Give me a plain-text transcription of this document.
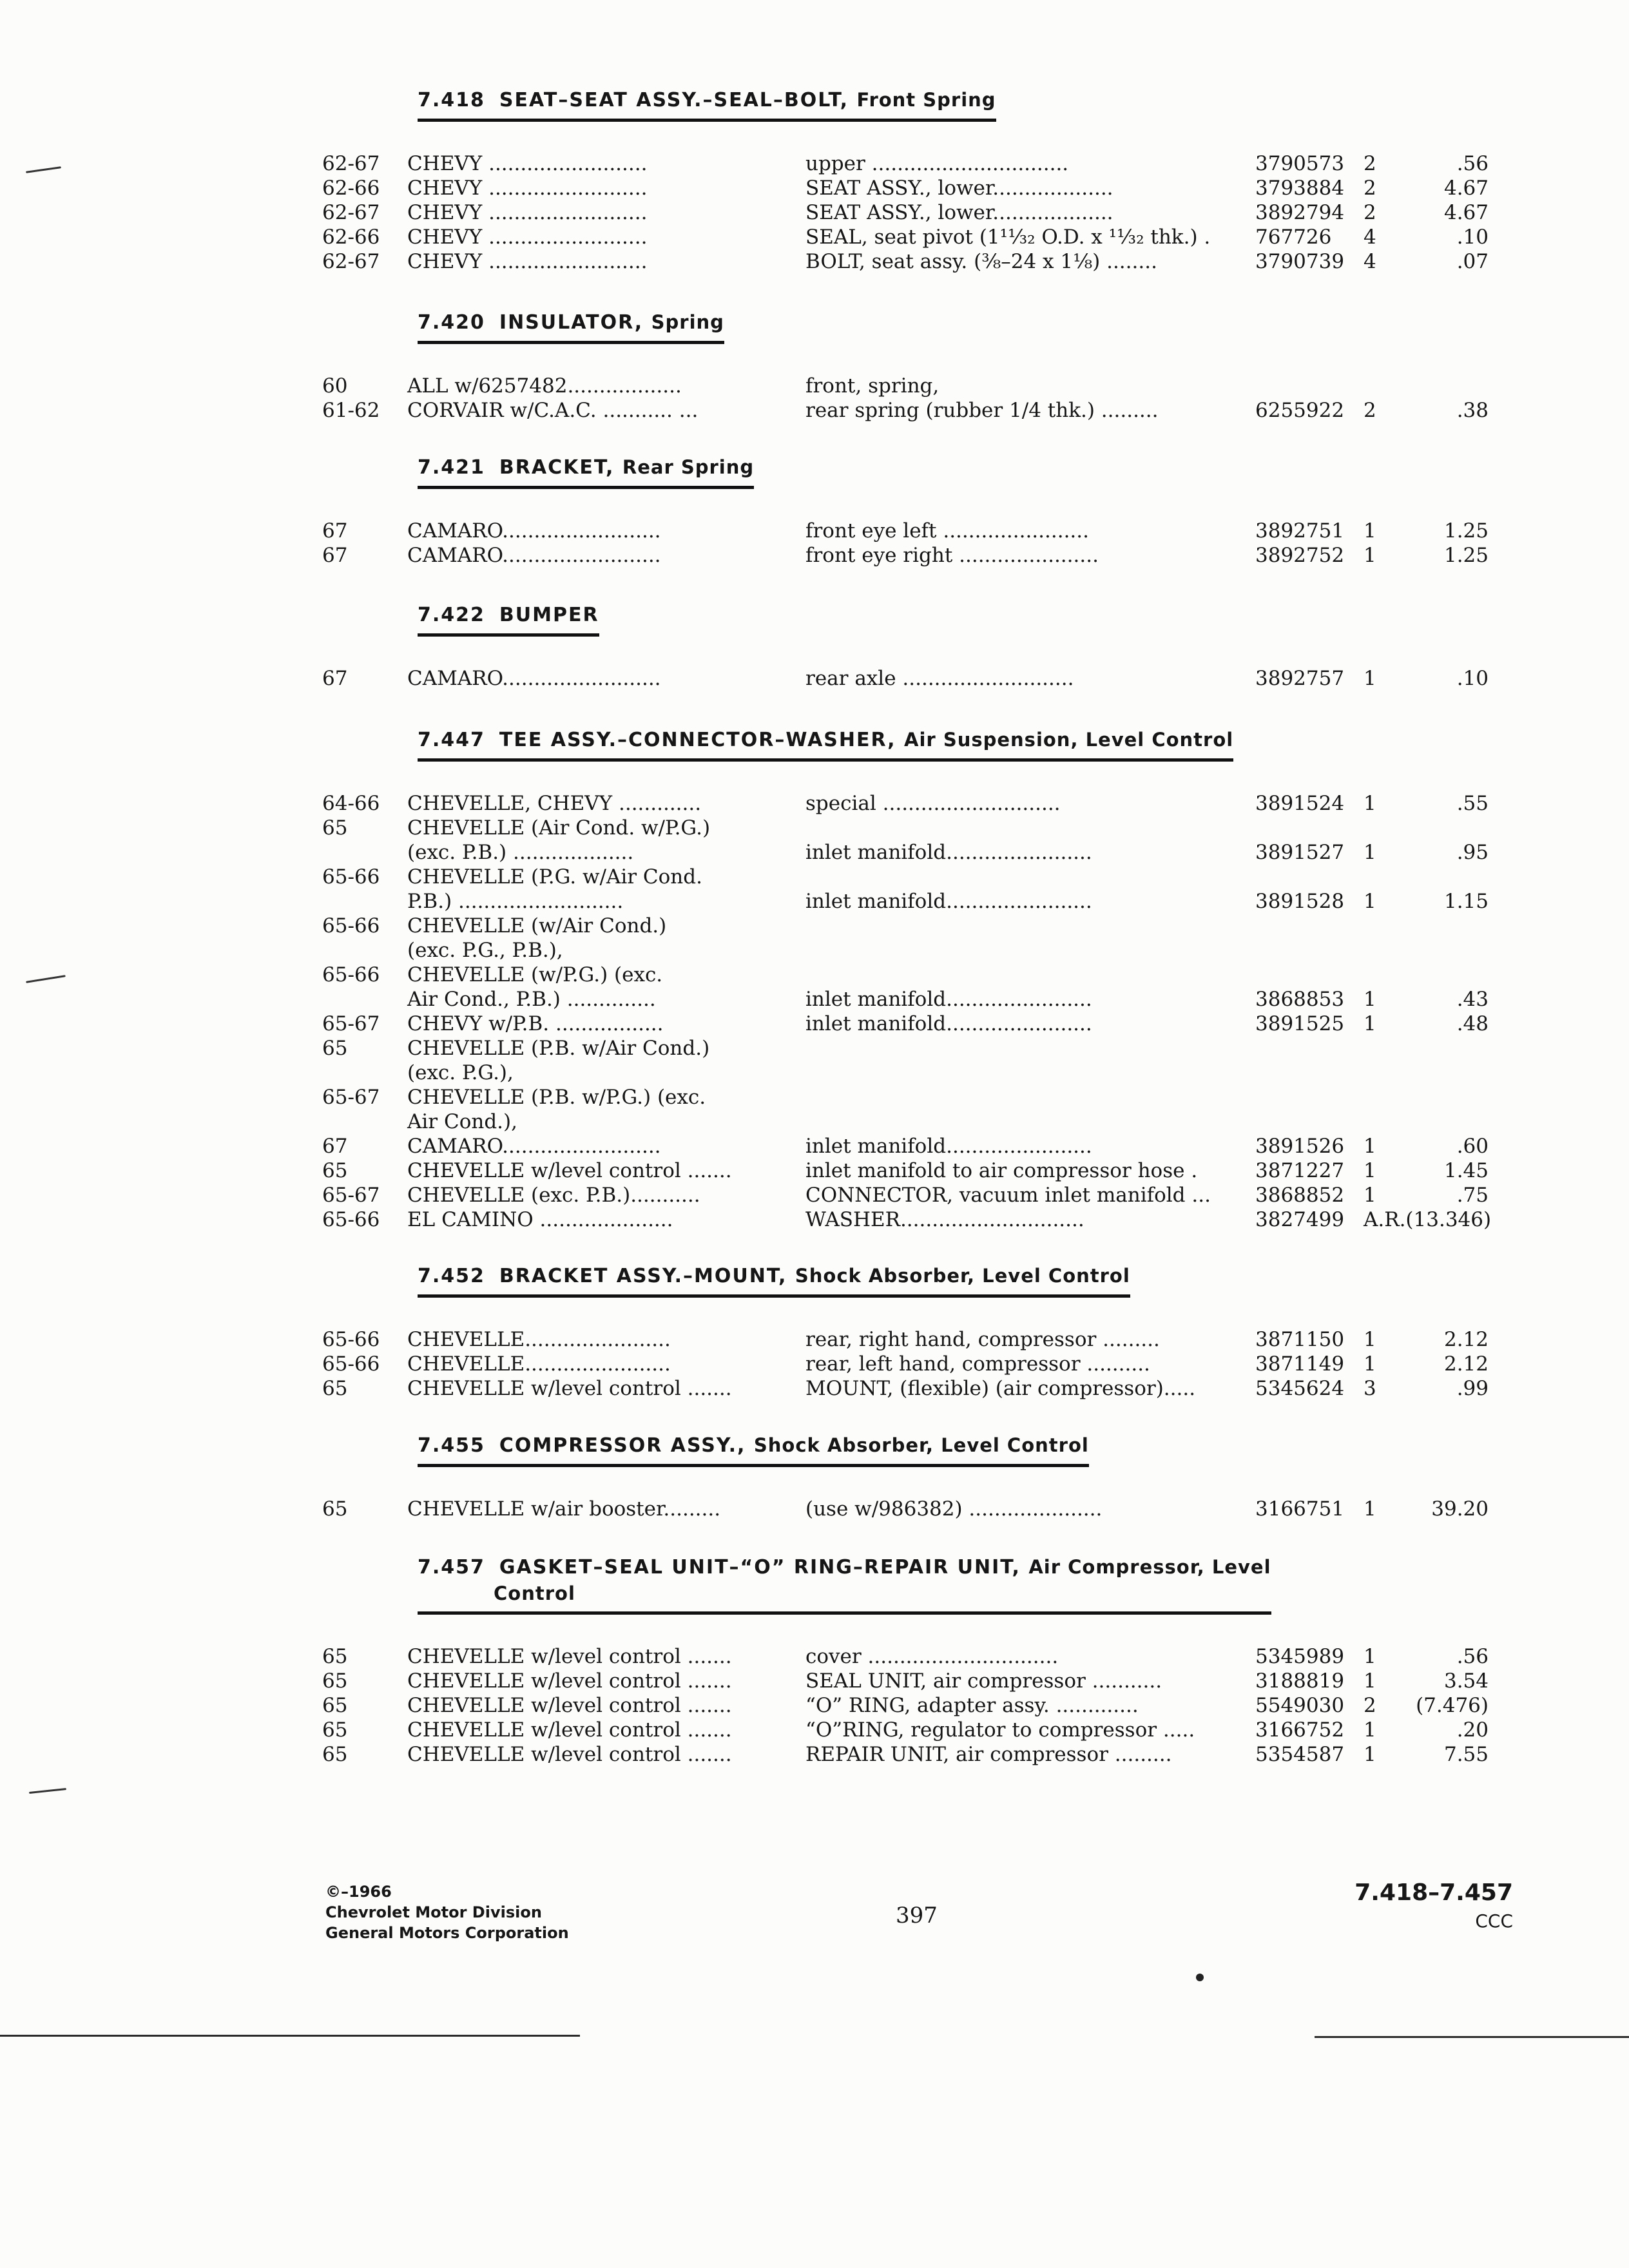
7.418 SEAT–SEAT ASSY.–SEAL–BOLT, Front Spring
62-67 CHEVY .........................	upper ...............................	3790573 2	.56
62-66 CHEVY .........................	SEAT ASSY., lower...................	3793884 2	4.67
62-67 CHEVY .........................	SEAT ASSY., lower...................	3892794 2	4.67
62-66 CHEVY .........................	SEAL, seat pivot (1¹¹⁄₃₂ O.D. x ¹¹⁄₃₂ thk.) . 767726 4	.10
62-67 CHEVY .........................	BOLT, seat assy. (⅜–24 x 1⅛) ........	3790739 4	.07
7.420 INSULATOR, Spring
60	ALL w/6257482..................	front, spring,
61-62 CORVAIR w/C.A.C. ........... ...	rear spring (rubber 1/4 thk.) .........	6255922 2	.38
7.421 BRACKET, Rear Spring
67	CAMARO.........................	front eye left .......................	3892751 1	1.25
67	CAMARO.........................	front eye right ......................	3892752 1	1.25
7.422 BUMPER
67	CAMARO.........................	rear axle ...........................	3892757 1	.10
7.447 TEE ASSY.–CONNECTOR–WASHER, Air Suspension, Level Control
64-66 CHEVELLE, CHEVY .............	special ............................	3891524 1	.55
65	CHEVELLE (Air Cond. w/P.G.)
(exc. P.B.) ...................	inlet manifold.......................	3891527 1	.95
65-66 CHEVELLE (P.G. w/Air Cond.
P.B.) ..........................	inlet manifold.......................	3891528 1	1.15
65-66 CHEVELLE (w/Air Cond.)
(exc. P.G., P.B.),
65-66 CHEVELLE (w/P.G.) (exc.
Air Cond., P.B.) ..............	inlet manifold.......................	3868853 1	.43
65-67 CHEVY w/P.B. .................	inlet manifold.......................	3891525 1	.48
65	CHEVELLE (P.B. w/Air Cond.)
(exc. P.G.),
65-67 CHEVELLE (P.B. w/P.G.) (exc.
Air Cond.),
67	CAMARO.........................	inlet manifold.......................	3891526 1	.60
65	CHEVELLE w/level control .......	inlet manifold to air compressor hose .	3871227 1	1.45
65-67 CHEVELLE (exc. P.B.)...........	CONNECTOR, vacuum inlet manifold ... 3868852 1	.75
65-66 EL CAMINO .....................	WASHER.............................	3827499 A.R.(13.346)
7.452 BRACKET ASSY.–MOUNT, Shock Absorber, Level Control
65-66 CHEVELLE.......................	rear, right hand, compressor .........	3871150 1	2.12
65-66 CHEVELLE.......................	rear, left hand, compressor ..........	3871149 1	2.12
65	CHEVELLE w/level control .......	MOUNT, (flexible) (air compressor).....	5345624 3	.99
7.455 COMPRESSOR ASSY., Shock Absorber, Level Control
65	CHEVELLE w/air booster.........	(use w/986382) .....................	3166751 1	39.20
7.457 GASKET–SEAL UNIT–“O” RING–REPAIR UNIT, Air Compressor, Level
Control
65	CHEVELLE w/level control .......	cover ..............................	5345989 1	.56
65	CHEVELLE w/level control .......	SEAL UNIT, air compressor ...........	3188819 1	3.54
65	CHEVELLE w/level control .......	“O” RING, adapter assy. .............	5549030 2	(7.476)
65	CHEVELLE w/level control .......	“O”RING, regulator to compressor .....	3166752 1	.20
65	CHEVELLE w/level control .......	REPAIR UNIT, air compressor .........	5354587 1	7.55
©–1966
Chevrolet Motor Division
General Motors Corporation
397
7.418–7.457
CCC
